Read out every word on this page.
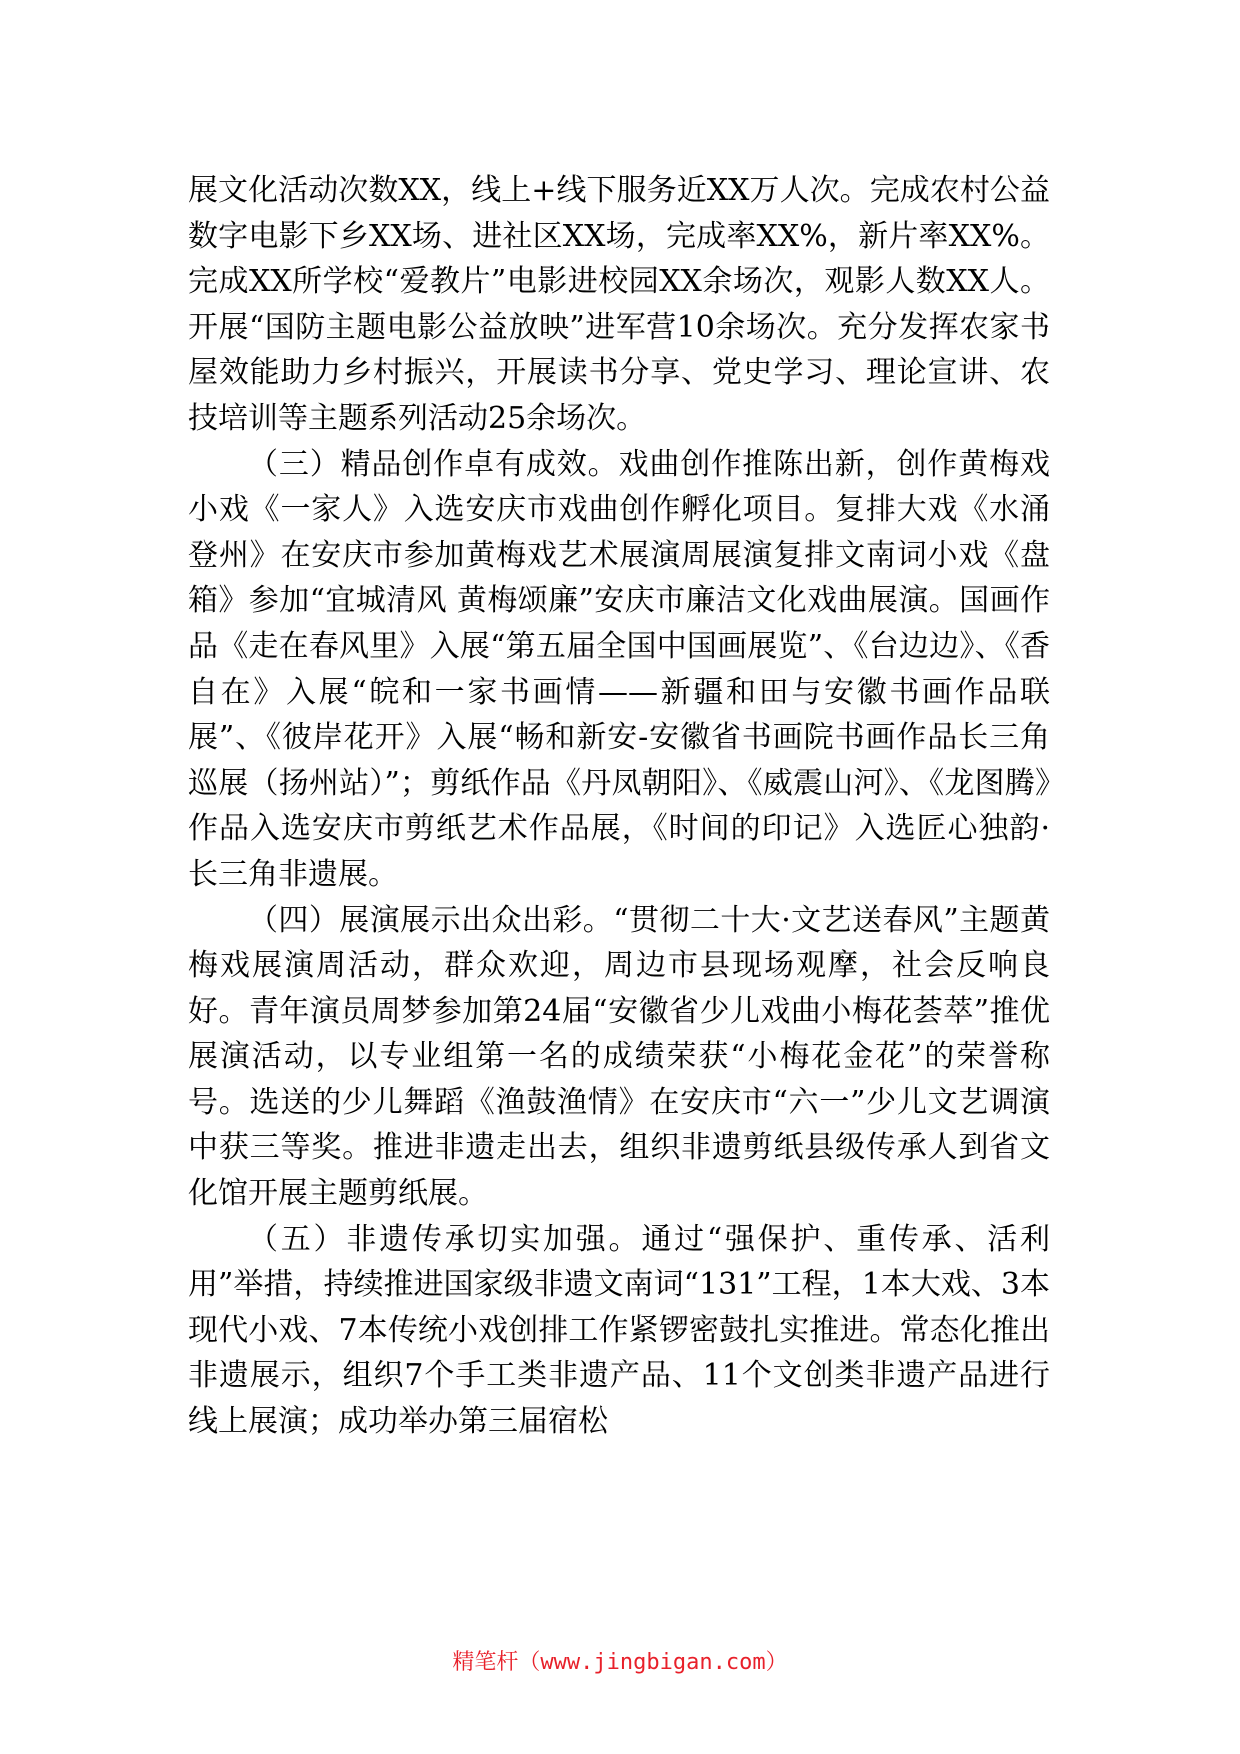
展文化活动次数XX，线上+线下服务近XX万人次。完成农村公益数字电影下乡XX场、进社区XX场，完成率XX%，新片率XX%。完成XX所学校“爱教片”电影进校园XX余场次，观影人数XX人。开展“国防主题电影公益放映”进军营10余场次。充分发挥农家书屋效能助力乡村振兴，开展读书分享、党史学习、理论宣讲、农技培训等主题系列活动25余场次。

（三）精品创作卓有成效。戏曲创作推陈出新，创作黄梅戏小戏《一家人》入选安庆市戏曲创作孵化项目。复排大戏《水涌登州》在安庆市参加黄梅戏艺术展演周展演复排文南词小戏《盘箱》参加“宜城清风 黄梅颂廉”安庆市廉洁文化戏曲展演。国画作品《走在春风里》入展“第五届全国中国画展览”、《台边边》、《香自在》入展“皖和一家书画情——新疆和田与安徽书画作品联展”、《彼岸花开》入展“畅和新安-安徽省书画院书画作品长三角巡展（扬州站）”；剪纸作品《丹凤朝阳》、《威震山河》、《龙图腾》作品入选安庆市剪纸艺术作品展，《时间的印记》入选匠心独韵·长三角非遗展。

（四）展演展示出众出彩。“贯彻二十大·文艺送春风”主题黄梅戏展演周活动，群众欢迎，周边市县现场观摩，社会反响良好。青年演员周梦参加第24届“安徽省少儿戏曲小梅花荟萃”推优展演活动，以专业组第一名的成绩荣获“小梅花金花”的荣誉称号。选送的少儿舞蹈《渔鼓渔情》在安庆市“六一”少儿文艺调演中获三等奖。推进非遗走出去，组织非遗剪纸县级传承人到省文化馆开展主题剪纸展。

（五）非遗传承切实加强。通过“强保护、重传承、活利用”举措，持续推进国家级非遗文南词“131”工程，1本大戏、3本现代小戏、7本传统小戏创排工作紧锣密鼓扎实推进。常态化推出非遗展示，组织7个手工类非遗产品、11个文创类非遗产品进行线上展演；成功举办第三届宿松

精笔杆（www.jingbigan.com）
